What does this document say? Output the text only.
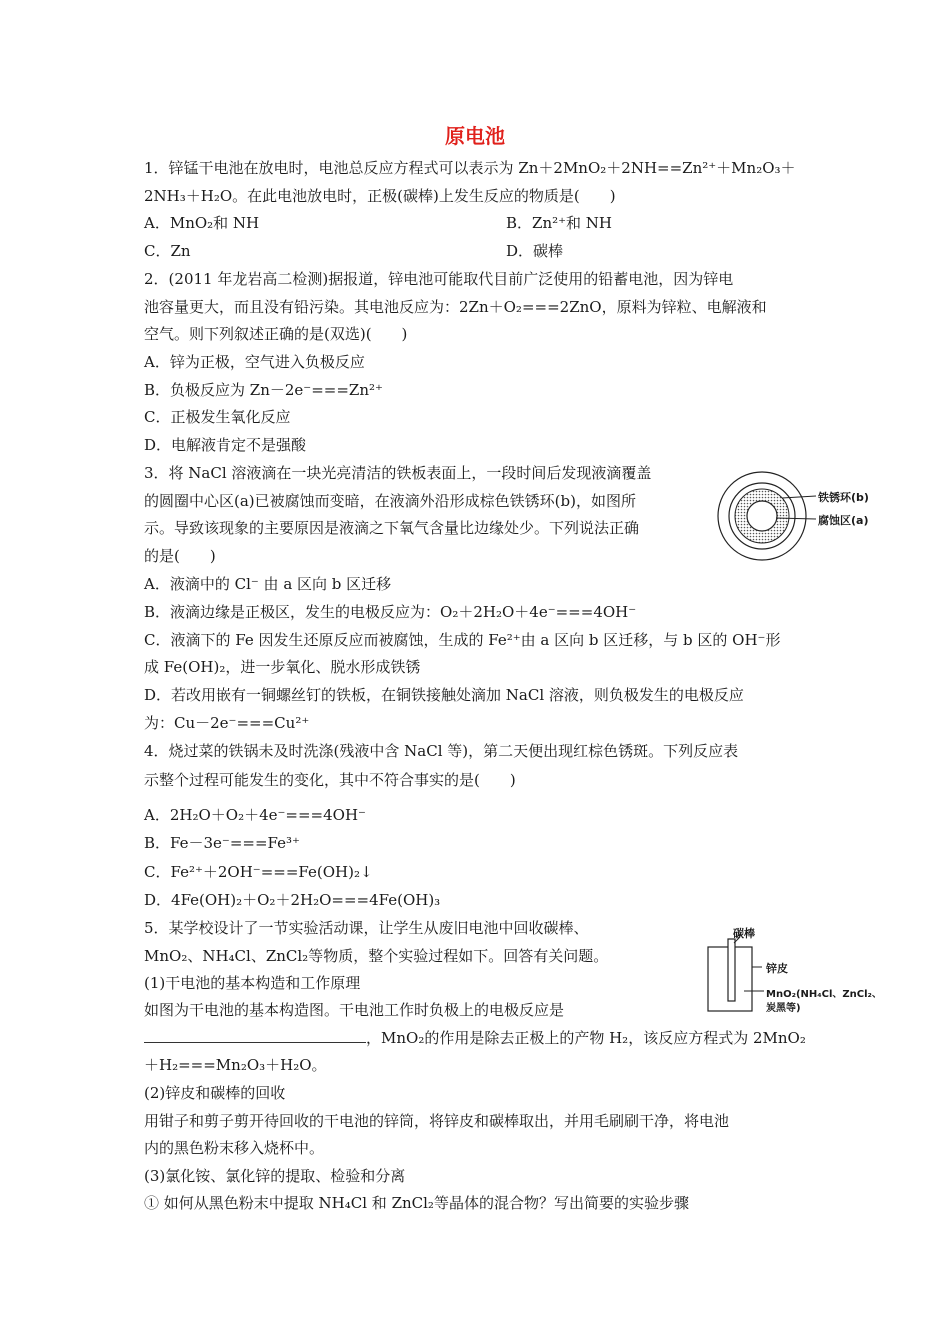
原电池
1．锌锰干电池在放电时，电池总反应方程式可以表示为 Zn＋2MnO₂＋2NH==Zn²⁺＋Mn₂O₃＋
2NH₃＋H₂O。在此电池放电时，正极(碳棒)上发生反应的物质是(　　)
A．MnO₂和 NH	B．Zn²⁺和 NH
C．Zn	D．碳棒
2．(2011 年龙岩高二检测)据报道，锌电池可能取代目前广泛使用的铅蓄电池，因为锌电
池容量更大，而且没有铅污染。其电池反应为：2Zn＋O₂===2ZnO，原料为锌粒、电解液和
空气。则下列叙述正确的是(双选)(　　)
A．锌为正极，空气进入负极反应
B．负极反应为 Zn－2e⁻===Zn²⁺
C．正极发生氧化反应
D．电解液肯定不是强酸
3．将 NaCl 溶液滴在一块光亮清洁的铁板表面上，一段时间后发现液滴覆盖
的圆圈中心区(a)已被腐蚀而变暗，在液滴外沿形成棕色铁锈环(b)，如图所
示。导致该现象的主要原因是液滴之下氧气含量比边缘处少。下列说法正确
的是(　　)
A．液滴中的 Cl⁻ 由 a 区向 b 区迁移
B．液滴边缘是正极区，发生的电极反应为：O₂＋2H₂O＋4e⁻===4OH⁻
C．液滴下的 Fe 因发生还原反应而被腐蚀，生成的 Fe²⁺由 a 区向 b 区迁移，与 b 区的 OH⁻形
成 Fe(OH)₂，进一步氧化、脱水形成铁锈
D．若改用嵌有一铜螺丝钉的铁板，在铜铁接触处滴加 NaCl 溶液，则负极发生的电极反应
为：Cu－2e⁻===Cu²⁺
铁锈环(b)
腐蚀区(a)
4．烧过菜的铁锅未及时洗涤(残液中含 NaCl 等)，第二天便出现红棕色锈斑。下列反应表
示整个过程可能发生的变化，其中不符合事实的是(　　)
A．2H₂O＋O₂＋4e⁻===4OH⁻
B．Fe－3e⁻===Fe³⁺
C．Fe²⁺＋2OH⁻===Fe(OH)₂↓
D．4Fe(OH)₂＋O₂＋2H₂O===4Fe(OH)₃
5．某学校设计了一节实验活动课，让学生从废旧电池中回收碳棒、
MnO₂、NH₄Cl、ZnCl₂等物质，整个实验过程如下。回答有关问题。
(1)干电池的基本构造和工作原理
如图为干电池的基本构造图。干电池工作时负极上的电极反应是
，MnO₂的作用是除去正极上的产物 H₂，该反应方程式为 2MnO₂
＋H₂===Mn₂O₃＋H₂O。
(2)锌皮和碳棒的回收
用钳子和剪子剪开待回收的干电池的锌筒，将锌皮和碳棒取出，并用毛刷刷干净，将电池
内的黑色粉末移入烧杯中。
(3)氯化铵、氯化锌的提取、检验和分离
① 如何从黑色粉末中提取 NH₄Cl 和 ZnCl₂等晶体的混合物？写出简要的实验步骤
碳棒
锌皮
MnO₂(NH₄Cl、ZnCl₂、
炭黑等)
